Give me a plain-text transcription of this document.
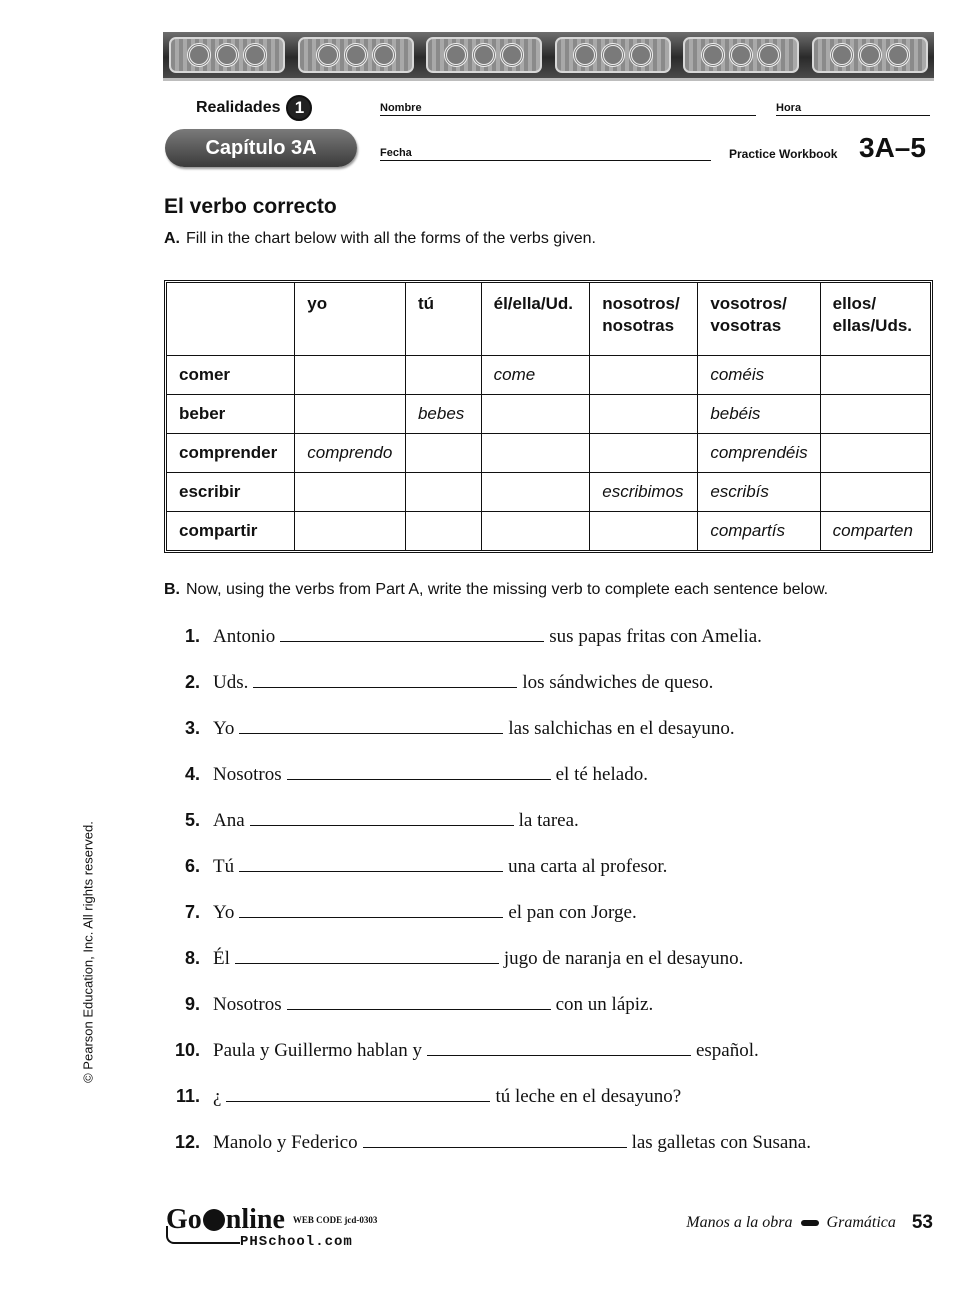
Realidades 1
Capítulo 3A
Nombre	Hora
Fecha	Practice Workbook 3A–5
El verbo correcto
A. Fill in the chart below with all the forms of the verbs given.
	yo	tú	él/ella/Ud.	nosotros/ nosotras	vosotros/ vosotras	ellos/ ellas/Uds.
comer			come		coméis	
beber		bebes			bebéis	
comprender	comprendo				comprendéis	
escribir				escribimos	escribís	
compartir					compartís	comparten
B. Now, using the verbs from Part A, write the missing verb to complete each sentence below.
1. Antonio	sus papas fritas con Amelia.
2. Uds.	los sándwiches de queso.
3. Yo	las salchichas en el desayuno.
4. Nosotros	el té helado.
5. Ana	la tarea.
6. Tú	una carta al profesor.
7. Yo	el pan con Jorge.
8. Él	jugo de naranja en el desayuno.
9. Nosotros	con un lápiz.
10. Paula y Guillermo hablan y	español.
11. ¿	tú leche en el desayuno?
12. Manolo y Federico	las galletas con Susana.
© Pearson Education, Inc. All rights reserved.
Go nline WEB CODE jcd-0303
PHSchool.com
Manos a la obra Gramática 53
